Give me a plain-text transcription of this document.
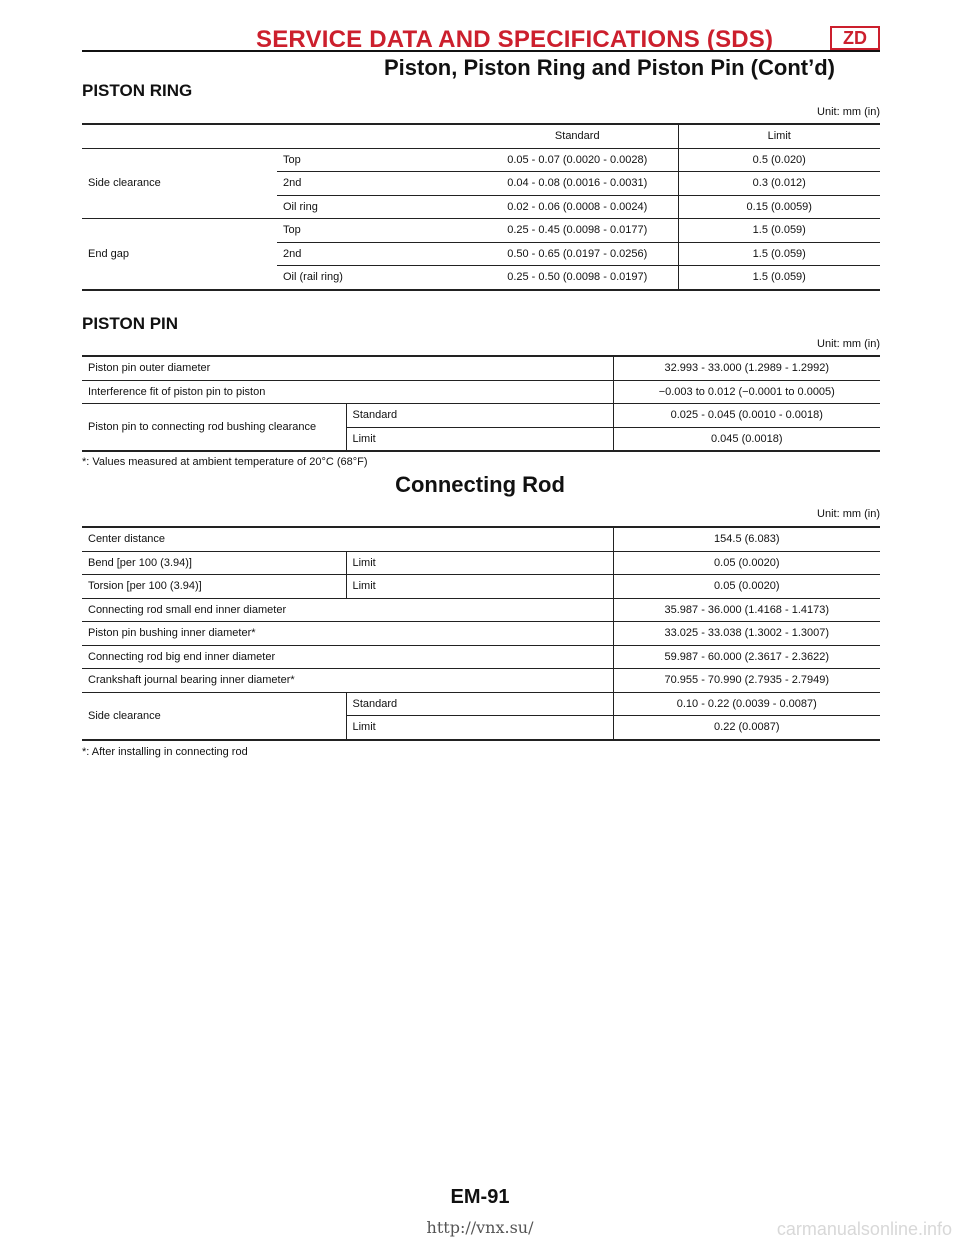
SERVICE DATA AND SPECIFICATIONS (SDS)	ZD
Piston, Piston Ring and Piston Pin (Cont’d)
PISTON RING
Unit: mm (in)
		Standard	Limit
Side clearance	Top	0.05 - 0.07 (0.0020 - 0.0028)	0.5 (0.020)
	2nd	0.04 - 0.08 (0.0016 - 0.0031)	0.3 (0.012)
	Oil ring	0.02 - 0.06 (0.0008 - 0.0024)	0.15 (0.0059)
End gap	Top	0.25 - 0.45 (0.0098 - 0.0177)	1.5 (0.059)
	2nd	0.50 - 0.65 (0.0197 - 0.0256)	1.5 (0.059)
	Oil (rail ring)	0.25 - 0.50 (0.0098 - 0.0197)	1.5 (0.059)
PISTON PIN
Unit: mm (in)
Piston pin outer diameter		32.993 - 33.000 (1.2989 - 1.2992)
Interference fit of piston pin to piston		−0.003 to 0.012 (−0.0001 to 0.0005)
Piston pin to connecting rod bushing clearance	Standard	0.025 - 0.045 (0.0010 - 0.0018)
	Limit	0.045 (0.0018)
*: Values measured at ambient temperature of 20°C (68°F)
Connecting Rod
Unit: mm (in)
Center distance		154.5 (6.083)
Bend [per 100 (3.94)]	Limit	0.05 (0.0020)
Torsion [per 100 (3.94)]	Limit	0.05 (0.0020)
Connecting rod small end inner diameter		35.987 - 36.000 (1.4168 - 1.4173)
Piston pin bushing inner diameter*		33.025 - 33.038 (1.3002 - 1.3007)
Connecting rod big end inner diameter		59.987 - 60.000 (2.3617 - 2.3622)
Crankshaft journal bearing inner diameter*		70.955 - 70.990 (2.7935 - 2.7949)
Side clearance	Standard	0.10 - 0.22 (0.0039 - 0.0087)
	Limit	0.22 (0.0087)
*: After installing in connecting rod
EM-91
http://vnx.su/	carmanualsonline.info
